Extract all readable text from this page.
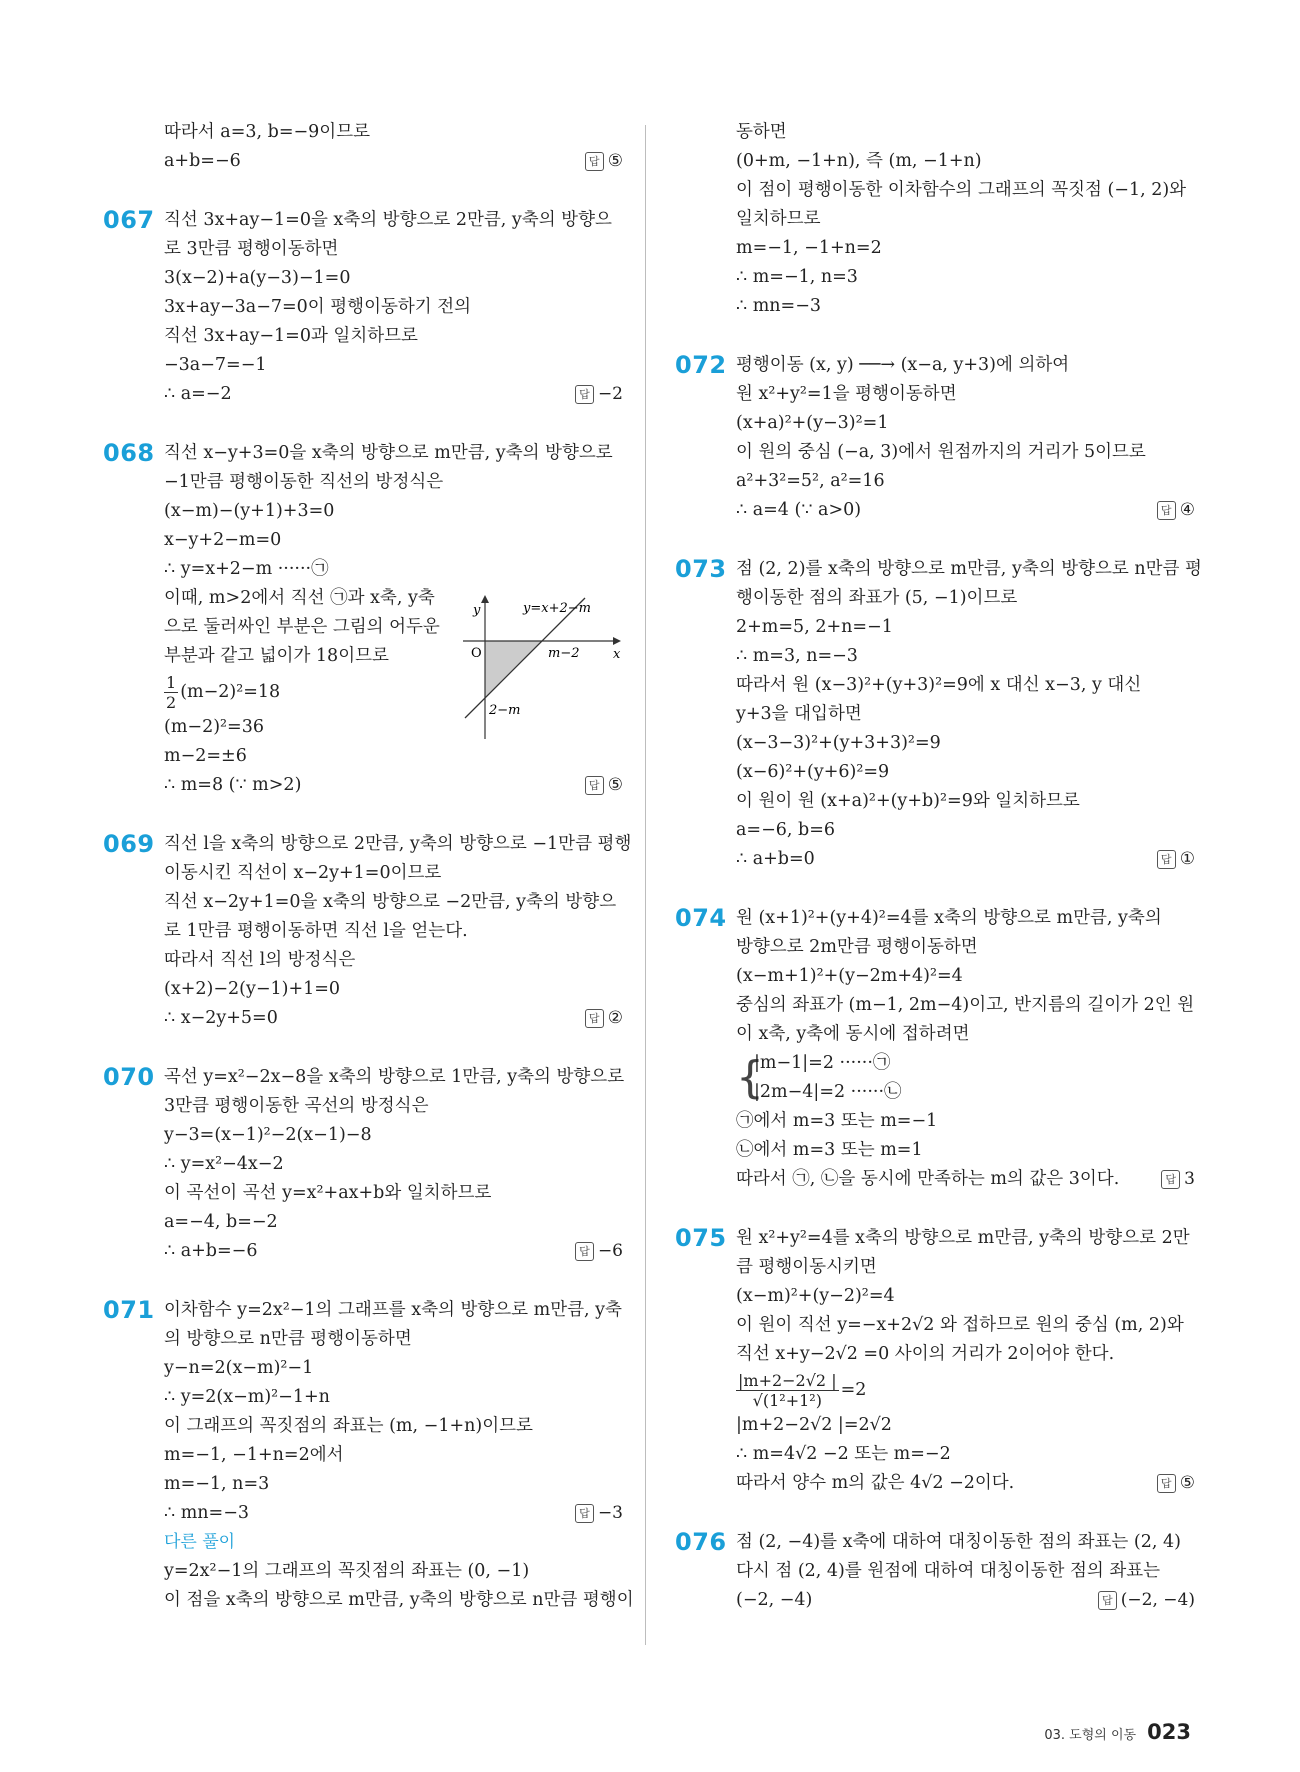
따라서 a=3, b=−9이므로
a+b=−6	답 ⑤
067 직선 3x+ay−1=0을 x축의 방향으로 2만큼, y축의 방향으
로 3만큼 평행이동하면
3(x−2)+a(y−3)−1=0
3x+ay−3a−7=0이 평행이동하기 전의
직선 3x+ay−1=0과 일치하므로
−3a−7=−1
∴ a=−2	답 −2
068 직선 x−y+3=0을 x축의 방향으로 m만큼, y축의 방향으로
−1만큼 평행이동한 직선의 방정식은
(x−m)−(y+1)+3=0
x−y+2−m=0
∴ y=x+2−m ······㉠
이때, m>2에서 직선 ㉠과 x축, y축
으로 둘러싸인 부분은 그림의 어두운
부분과 같고 넓이가 18이므로
$\frac{1}{2} (m-2)^2=18$
(m−2)²=36
m−2=±6
∴ m=8 (∵ m>2)	답 ⑤
y
x
O
y=x+2−m
m−2
2−m
069 직선 l을 x축의 방향으로 2만큼, y축의 방향으로 −1만큼 평행
이동시킨 직선이 x−2y+1=0이므로
직선 x−2y+1=0을 x축의 방향으로 −2만큼, y축의 방향으
로 1만큼 평행이동하면 직선 l을 얻는다.
따라서 직선 l의 방정식은
(x+2)−2(y−1)+1=0
∴ x−2y+5=0	답 ②
070 곡선 y=x²−2x−8을 x축의 방향으로 1만큼, y축의 방향으로
3만큼 평행이동한 곡선의 방정식은
y−3=(x−1)²−2(x−1)−8
∴ y=x²−4x−2
이 곡선이 곡선 y=x²+ax+b와 일치하므로
a=−4, b=−2
∴ a+b=−6	답 −6
071 이차함수 y=2x²−1의 그래프를 x축의 방향으로 m만큼, y축
의 방향으로 n만큼 평행이동하면
y−n=2(x−m)²−1
∴ y=2(x−m)²−1+n
이 그래프의 꼭짓점의 좌표는 (m, −1+n)이므로
m=−1, −1+n=2에서
m=−1, n=3
∴ mn=−3	답 −3
다른 풀이
y=2x²−1의 그래프의 꼭짓점의 좌표는 (0, −1)
이 점을 x축의 방향으로 m만큼, y축의 방향으로 n만큼 평행이
동하면
(0+m, −1+n), 즉 (m, −1+n)
이 점이 평행이동한 이차함수의 그래프의 꼭짓점 (−1, 2)와
일치하므로
m=−1, −1+n=2
∴ m=−1, n=3
∴ mn=−3
072 평행이동 (x, y) ──→ (x−a, y+3)에 의하여
원 x²+y²=1을 평행이동하면
(x+a)²+(y−3)²=1
이 원의 중심 (−a, 3)에서 원점까지의 거리가 5이므로
a²+3²=5², a²=16
∴ a=4 (∵ a>0)	답 ④
073 점 (2, 2)를 x축의 방향으로 m만큼, y축의 방향으로 n만큼 평
행이동한 점의 좌표가 (5, −1)이므로
2+m=5, 2+n=−1
∴ m=3, n=−3
따라서 원 (x−3)²+(y+3)²=9에 x 대신 x−3, y 대신
y+3을 대입하면
(x−3−3)²+(y+3+3)²=9
(x−6)²+(y+6)²=9
이 원이 원 (x+a)²+(y+b)²=9와 일치하므로
a=−6, b=6
∴ a+b=0	답 ①
074 원 (x+1)²+(y+4)²=4를 x축의 방향으로 m만큼, y축의
방향으로 2m만큼 평행이동하면
(x−m+1)²+(y−2m+4)²=4
중심의 좌표가 (m−1, 2m−4)이고, 반지름의 길이가 2인 원
이 x축, y축에 동시에 접하려면
{
|m−1|=2 ······㉠
|2m−4|=2 ······㉡
㉠에서 m=3 또는 m=−1
㉡에서 m=3 또는 m=1
따라서 ㉠, ㉡을 동시에 만족하는 m의 값은 3이다.	답 3
075 원 x²+y²=4를 x축의 방향으로 m만큼, y축의 방향으로 2만
큼 평행이동시키면
(x−m)²+(y−2)²=4
이 원이 직선 y=−x+2√2 와 접하므로 원의 중심 (m, 2)와
직선 x+y−2√2 =0 사이의 거리가 2이어야 한다.
$\frac{|m+2-2√2 |}{\text{√(1²+1²)}} =2$
|m+2−2√2 |=2√2
∴ m=4√2 −2 또는 m=−2
따라서 양수 m의 값은 4√2 −2이다.	답 ⑤
076 점 (2, −4)를 x축에 대하여 대칭이동한 점의 좌표는 (2, 4)
다시 점 (2, 4)를 원점에 대하여 대칭이동한 점의 좌표는
(−2, −4)	답 (−2, −4)
03. 도형의 이동 023
